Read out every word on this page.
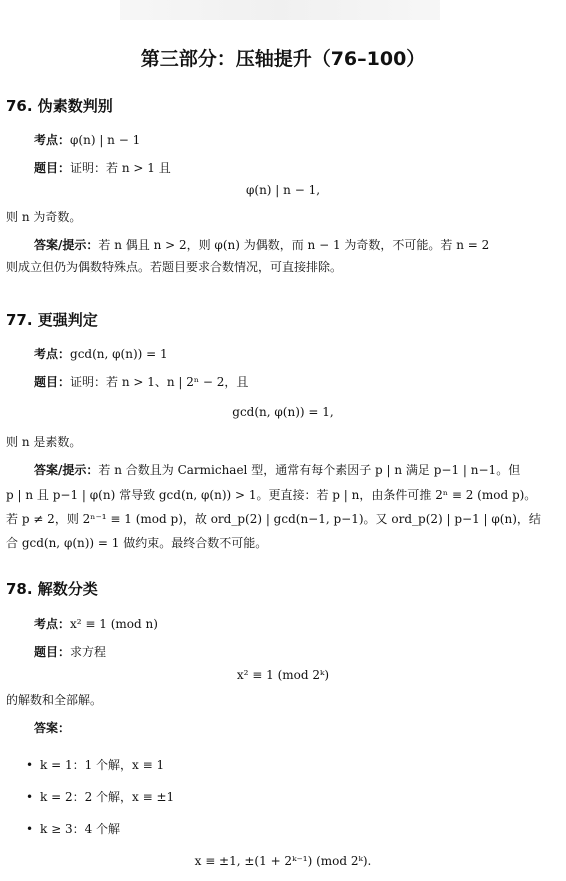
第三部分：压轴提升（76–100）
76. 伪素数判别
考点：φ(n) | n − 1
题目：证明：若 n > 1 且
φ(n) | n − 1,
则 n 为奇数。
答案/提示：若 n 偶且 n > 2，则 φ(n) 为偶数，而 n − 1 为奇数，不可能。若 n = 2
则成立但仍为偶数特殊点。若题目要求合数情况，可直接排除。
77. 更强判定
考点：gcd(n, φ(n)) = 1
题目：证明：若 n > 1、n | 2ⁿ − 2，且
gcd(n, φ(n)) = 1,
则 n 是素数。
答案/提示：若 n 合数且为 Carmichael 型，通常有每个素因子 p | n 满足 p−1 | n−1。但
p | n 且 p−1 | φ(n) 常导致 gcd(n, φ(n)) > 1。更直接：若 p | n，由条件可推 2ⁿ ≡ 2 (mod p)。
若 p ≠ 2，则 2ⁿ⁻¹ ≡ 1 (mod p)，故 ord_p(2) | gcd(n−1, p−1)。又 ord_p(2) | p−1 | φ(n)，结
合 gcd(n, φ(n)) = 1 做约束。最终合数不可能。
78. 解数分类
考点：x² ≡ 1 (mod n)
题目：求方程
x² ≡ 1 (mod 2ᵏ)
的解数和全部解。
答案：
• k = 1：1 个解，x ≡ 1
• k = 2：2 个解，x ≡ ±1
• k ≥ 3：4 个解
x ≡ ±1, ±(1 + 2ᵏ⁻¹) (mod 2ᵏ).
